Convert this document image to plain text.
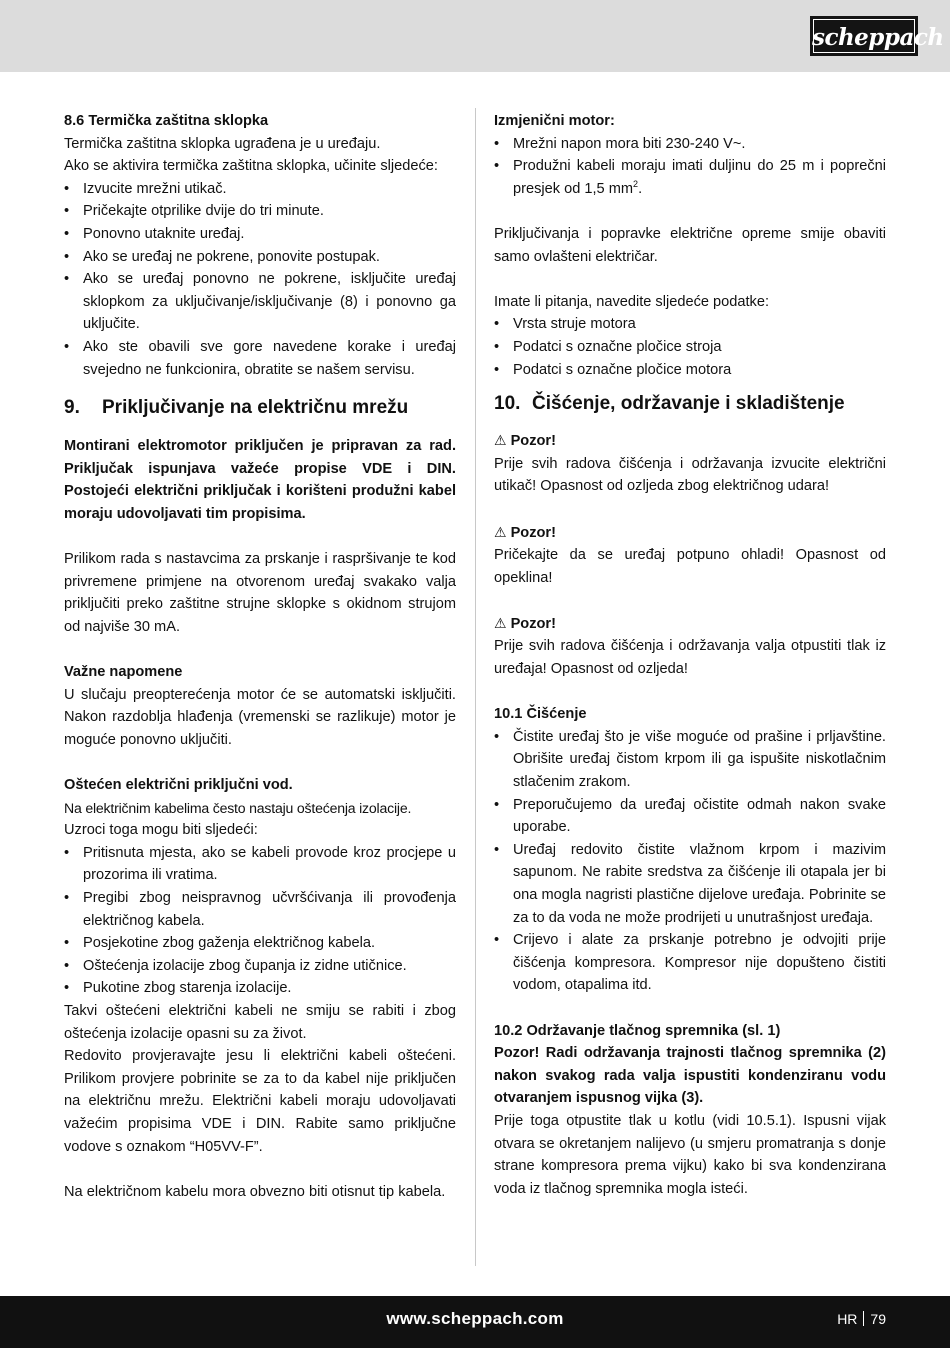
scheppach

8.6 Termička zaštitna sklopka

Termička zaštitna sklopka ugrađena je u uređaju.

Ako se aktivira termička zaštitna sklopka, učinite sljedeće:

• Izvucite mrežni utikač.
• Pričekajte otprilike dvije do tri minute.
• Ponovno utaknite uređaj.
• Ako se uređaj ne pokrene, ponovite postupak.
• Ako se uređaj ponovno ne pokrene, isključite uređaj sklopkom za uključivanje/isključivanje (8) i ponovno ga uključite.
• Ako ste obavili sve gore navedene korake i uređaj svejedno ne funkcionira, obratite se našem servisu.
9. Priključivanje na električnu mrežu

Montirani elektromotor priključen je pripravan za rad. Priključak ispunjava važeće propise VDE i DIN. Postojeći električni priključak i korišteni produžni kabel moraju udovoljavati tim propisima.

Prilikom rada s nastavcima za prskanje i raspršivanje te kod privremene primjene na otvorenom uređaj svakako valja priključiti preko zaštitne strujne sklopke s okidnom strujom od najviše 30 mA.

Važne napomene

U slučaju preopterećenja motor će se automatski isključiti. Nakon razdoblja hlađenja (vremenski se razlikuje) motor je moguće ponovno uključiti.

Oštećen električni priključni vod.

Na električnim kabelima često nastaju oštećenja izolacije.

Uzroci toga mogu biti sljedeći:

• Pritisnuta mjesta, ako se kabeli provode kroz procjepe u prozorima ili vratima.
• Pregibi zbog neispravnog učvršćivanja ili provođenja električnog kabela.
• Posjekotine zbog gaženja električnog kabela.
• Oštećenja izolacije zbog čupanja iz zidne utičnice.
• Pukotine zbog starenja izolacije.

Takvi oštećeni električni kabeli ne smiju se rabiti i zbog oštećenja izolacije opasni su za život.

Redovito provjeravajte jesu li električni kabeli oštećeni. Prilikom provjere pobrinite se za to da kabel nije priključen na električnu mrežu. Električni kabeli moraju udovoljavati važećim propisima VDE i DIN. Rabite samo priključne vodove s oznakom “H05VV-F”.

Na električnom kabelu mora obvezno biti otisnut tip kabela.

Izmjenični motor:

• Mrežni napon mora biti 230-240 V~.
• Produžni kabeli moraju imati duljinu do 25 m i poprečni presjek od 1,5 $mm^2$.

Priključivanja i popravke električne opreme smije obaviti samo ovlašteni električar.

Imate li pitanja, navedite sljedeće podatke:

• Vrsta struje motora
• Podatci s označne pločice stroja
• Podatci s označne pločice motora
10. Čišćenje, održavanje i skladištenje

⚠ Pozor!

Prije svih radova čišćenja i održavanja izvucite električni utikač! Opasnost od ozljeda zbog električnog udara!

⚠ Pozor!

Pričekajte da se uređaj potpuno ohladi! Opasnost od opeklina!

⚠ Pozor!

Prije svih radova čišćenja i održavanja valja otpustiti tlak iz uređaja! Opasnost od ozljeda!

10.1 Čišćenje

• Čistite uređaj što je više moguće od prašine i prljavštine. Obrišite uređaj čistom krpom ili ga ispušite niskotlačnim stlačenim zrakom.
• Preporučujemo da uređaj očistite odmah nakon svake uporabe.
• Uređaj redovito čistite vlažnom krpom i mazivim sapunom. Ne rabite sredstva za čišćenje ili otapala jer bi ona mogla nagristi plastične dijelove uređaja. Pobrinite se za to da voda ne može prodrijeti u unutrašnjost uređaja.
• Crijevo i alate za prskanje potrebno je odvojiti prije čišćenja kompresora. Kompresor nije dopušteno čistiti vodom, otapalima itd.

10.2 Održavanje tlačnog spremnika (sl. 1)

Pozor! Radi održavanja trajnosti tlačnog spremnika (2) nakon svakog rada valja ispustiti kondenziranu vodu otvaranjem ispusnog vijka (3).

Prije toga otpustite tlak u kotlu (vidi 10.5.1). Ispusni vijak otvara se okretanjem nalijevo (u smjeru promatranja s donje strane kompresora prema vijku) kako bi sva kondenzirana voda iz tlačnog spremnika mogla isteći.

www.scheppach.com	HR 79
